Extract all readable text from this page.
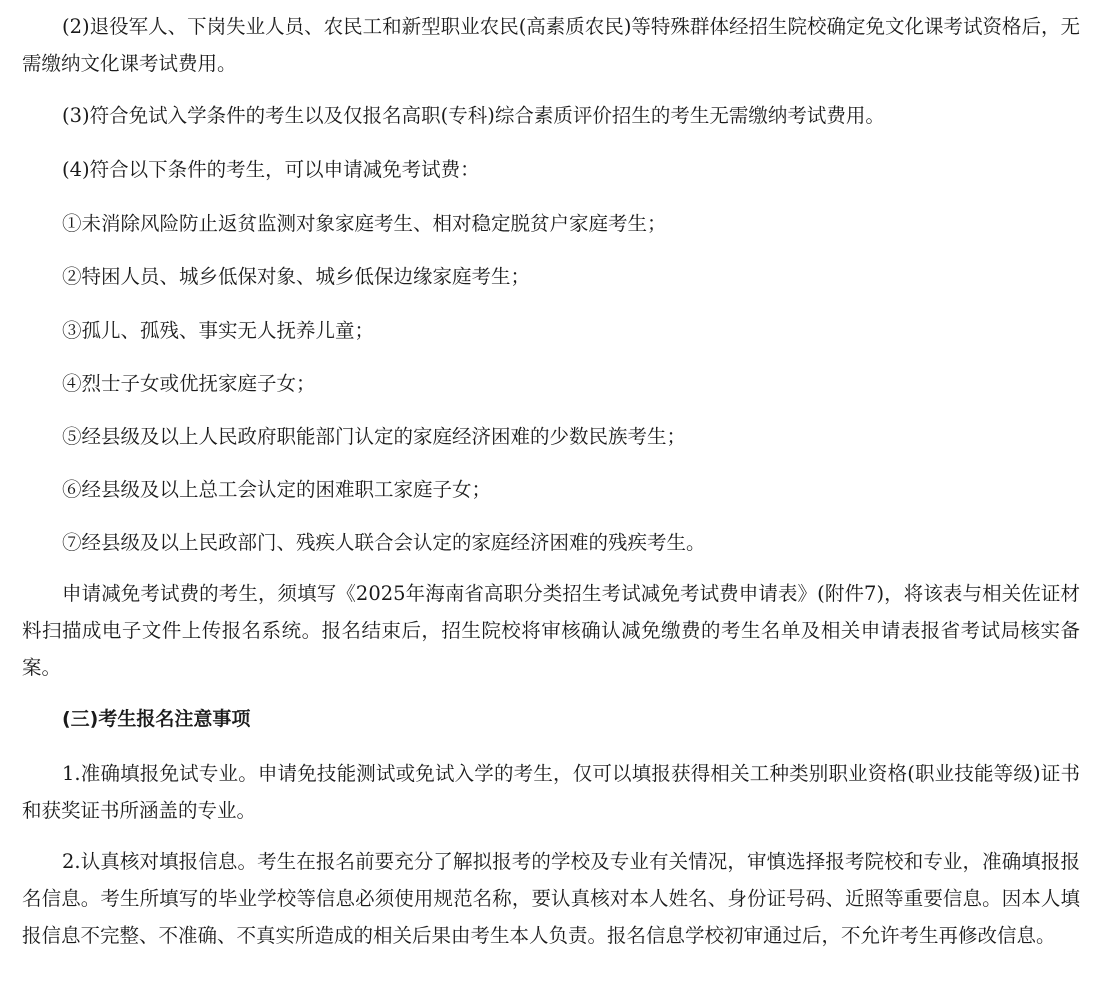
(2)退役军人、下岗失业人员、农民工和新型职业农民(高素质农民)等特殊群体经招生院校确定免文化课考试资格后，无需缴纳文化课考试费用。

(3)符合免试入学条件的考生以及仅报名高职(专科)综合素质评价招生的考生无需缴纳考试费用。

(4)符合以下条件的考生，可以申请减免考试费：

①未消除风险防止返贫监测对象家庭考生、相对稳定脱贫户家庭考生；

②特困人员、城乡低保对象、城乡低保边缘家庭考生；

③孤儿、孤残、事实无人抚养儿童；

④烈士子女或优抚家庭子女；

⑤经县级及以上人民政府职能部门认定的家庭经济困难的少数民族考生；

⑥经县级及以上总工会认定的困难职工家庭子女；

⑦经县级及以上民政部门、残疾人联合会认定的家庭经济困难的残疾考生。

申请减免考试费的考生，须填写《2025年海南省高职分类招生考试减免考试费申请表》(附件7)，将该表与相关佐证材料扫描成电子文件上传报名系统。报名结束后，招生院校将审核确认减免缴费的考生名单及相关申请表报省考试局核实备案。

(三)考生报名注意事项

1.准确填报免试专业。申请免技能测试或免试入学的考生，仅可以填报获得相关工种类别职业资格(职业技能等级)证书和获奖证书所涵盖的专业。

2.认真核对填报信息。考生在报名前要充分了解拟报考的学校及专业有关情况，审慎选择报考院校和专业，准确填报报名信息。考生所填写的毕业学校等信息必须使用规范名称，要认真核对本人姓名、身份证号码、近照等重要信息。因本人填报信息不完整、不准确、不真实所造成的相关后果由考生本人负责。报名信息学校初审通过后，不允许考生再修改信息。
